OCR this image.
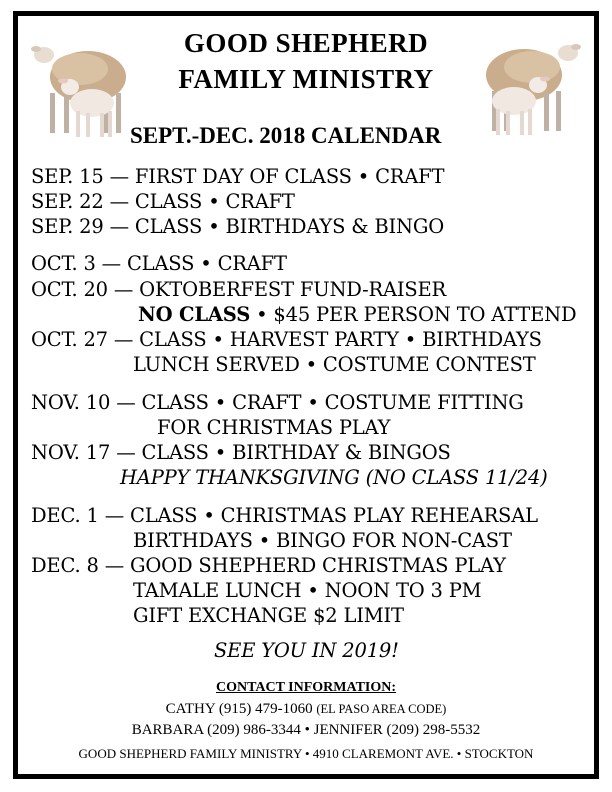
GOOD SHEPHERD
FAMILY MINISTRY
SEPT.-DEC. 2018 CALENDAR
SEP. 15 — FIRST DAY OF CLASS • CRAFT
SEP. 22 — CLASS • CRAFT
SEP. 29 — CLASS • BIRTHDAYS & BINGO
OCT. 3 — CLASS • CRAFT
OCT. 20 — OKTOBERFEST FUND-RAISER
NO CLASS • $45 PER PERSON TO ATTEND
OCT. 27 — CLASS • HARVEST PARTY • BIRTHDAYS
LUNCH SERVED • COSTUME CONTEST
NOV. 10 — CLASS • CRAFT • COSTUME FITTING
FOR CHRISTMAS PLAY
NOV. 17 — CLASS • BIRTHDAY & BINGOS
HAPPY THANKSGIVING (NO CLASS 11/24)
DEC. 1 — CLASS • CHRISTMAS PLAY REHEARSAL
BIRTHDAYS • BINGO FOR NON-CAST
DEC. 8 — GOOD SHEPHERD CHRISTMAS PLAY
TAMALE LUNCH • NOON TO 3 PM
GIFT EXCHANGE $2 LIMIT
SEE YOU IN 2019!
CONTACT INFORMATION:
CATHY (915) 479-1060 (EL PASO AREA CODE)
BARBARA (209) 986-3344 • JENNIFER (209) 298-5532
GOOD SHEPHERD FAMILY MINISTRY • 4910 CLAREMONT AVE. • STOCKTON
